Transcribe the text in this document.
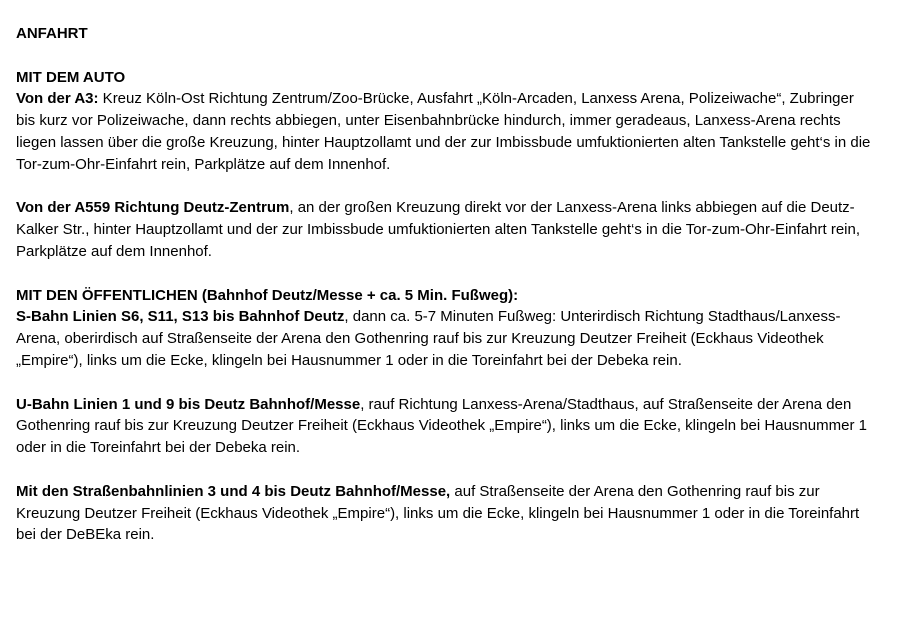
ANFAHRT

MIT DEM AUTO

Von der A3: Kreuz Köln-Ost Richtung Zentrum/Zoo-Brücke, Ausfahrt „Köln-Arcaden, Lanxess Arena, Polizeiwache“, Zubringer bis kurz vor Polizeiwache, dann rechts abbiegen, unter Eisenbahnbrücke hindurch, immer geradeaus, Lanxess-Arena rechts liegen lassen über die große Kreuzung, hinter Hauptzollamt und der zur Imbissbude umfuktionierten alten Tankstelle geht‘s in die Tor-zum-Ohr-Einfahrt rein, Parkplätze auf dem Innenhof.

Von der A559 Richtung Deutz-Zentrum, an der großen Kreuzung direkt vor der Lanxess-Arena links abbiegen auf die Deutz-Kalker Str., hinter Hauptzollamt und der zur Imbissbude umfuktionierten alten Tankstelle geht‘s in die Tor-zum-Ohr-Einfahrt rein, Parkplätze auf dem Innenhof.

MIT DEN ÖFFENTLICHEN (Bahnhof Deutz/Messe + ca. 5 Min. Fußweg):

S-Bahn Linien S6, S11, S13 bis Bahnhof Deutz, dann ca. 5-7 Minuten Fußweg: Unterirdisch Richtung Stadthaus/Lanxess-Arena, oberirdisch auf Straßenseite der Arena den Gothenring rauf bis zur Kreuzung Deutzer Freiheit (Eckhaus Videothek „Empire“), links um die Ecke, klingeln bei Hausnummer 1 oder in die Toreinfahrt bei der Debeka rein.

U-Bahn Linien 1 und 9 bis Deutz Bahnhof/Messe, rauf Richtung Lanxess-Arena/Stadthaus, auf Straßenseite der Arena den Gothenring rauf bis zur Kreuzung Deutzer Freiheit (Eckhaus Videothek „Empire“), links um die Ecke, klingeln bei Hausnummer 1 oder in die Toreinfahrt bei der Debeka rein.

Mit den Straßenbahnlinien 3 und 4 bis Deutz Bahnhof/Messe, auf Straßenseite der Arena den Gothenring rauf bis zur Kreuzung Deutzer Freiheit (Eckhaus Videothek „Empire“), links um die Ecke, klingeln bei Hausnummer 1 oder in die Toreinfahrt bei der DeBEka rein.
